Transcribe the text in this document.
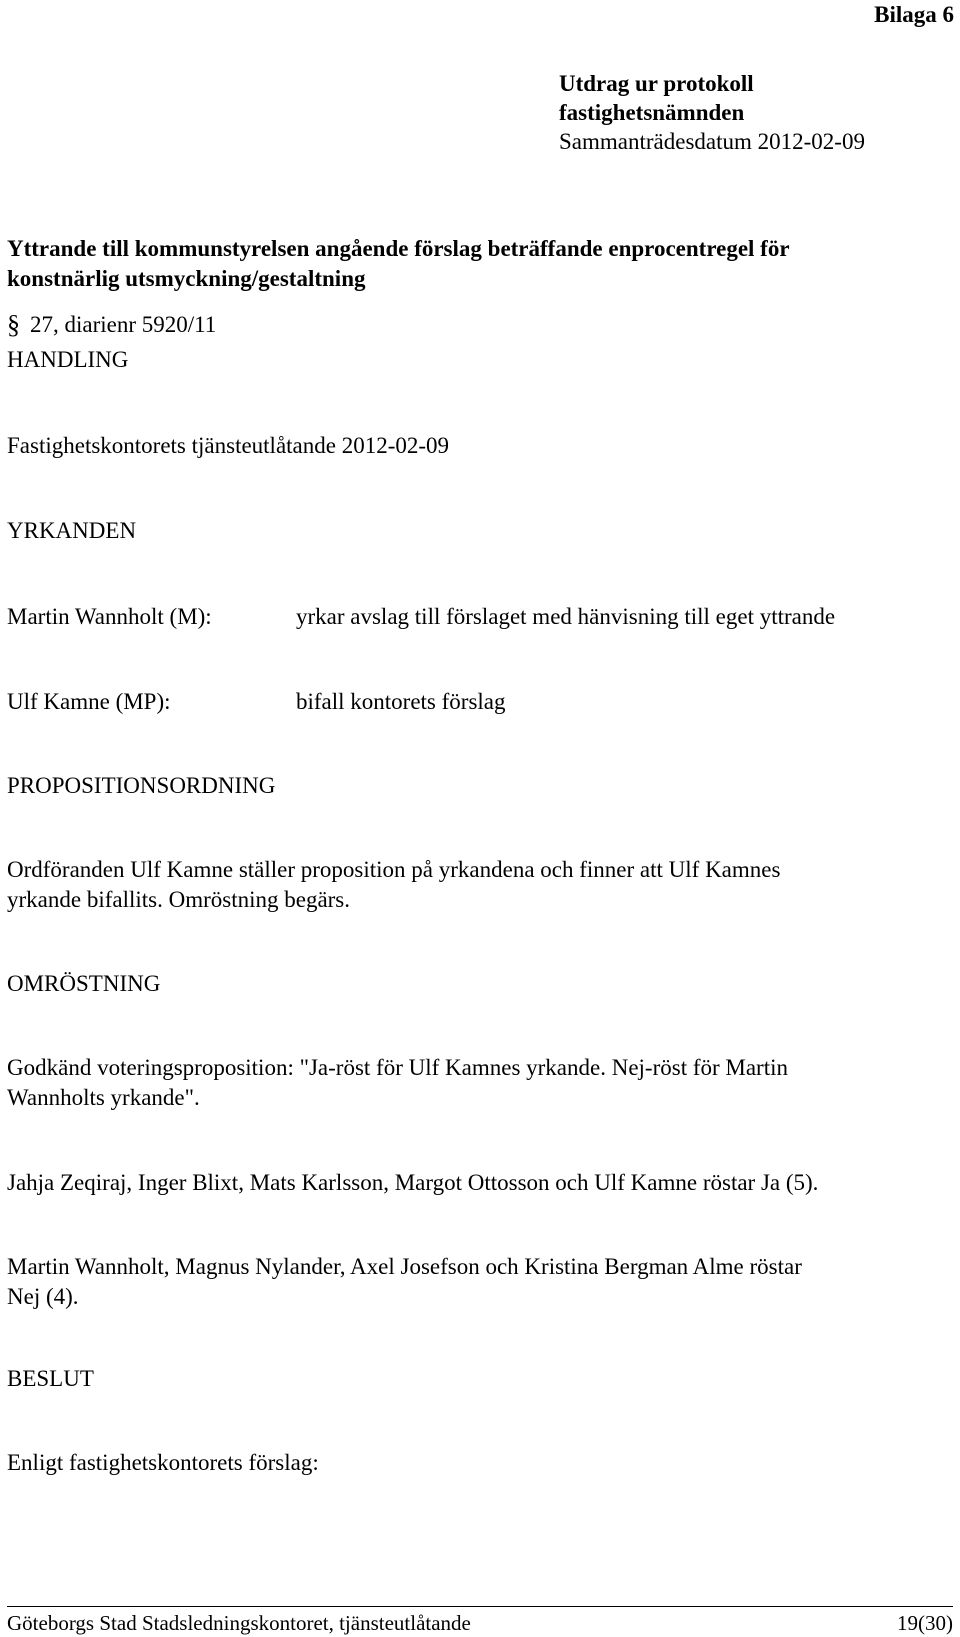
Bilaga 6
Utdrag ur protokoll
fastighetsnämnden
Sammanträdesdatum 2012-02-09
Yttrande till kommunstyrelsen angående förslag beträffande enprocentregel för
konstnärlig utsmyckning/gestaltning
§ 27, diarienr 5920/11
HANDLING
Fastighetskontorets tjänsteutlåtande 2012-02-09
YRKANDEN
Martin Wannholt (M):	yrkar avslag till förslaget med hänvisning till eget yttrande
Ulf Kamne (MP):	bifall kontorets förslag
PROPOSITIONSORDNING
Ordföranden Ulf Kamne ställer proposition på yrkandena och finner att Ulf Kamnes
yrkande bifallits. Omröstning begärs.
OMRÖSTNING
Godkänd voteringsproposition: "Ja-röst för Ulf Kamnes yrkande. Nej-röst för Martin
Wannholts yrkande".
Jahja Zeqiraj, Inger Blixt, Mats Karlsson, Margot Ottosson och Ulf Kamne röstar Ja (5).
Martin Wannholt, Magnus Nylander, Axel Josefson och Kristina Bergman Alme röstar
Nej (4).
BESLUT
Enligt fastighetskontorets förslag:
Göteborgs Stad Stadsledningskontoret, tjänsteutlåtande	19(30)
